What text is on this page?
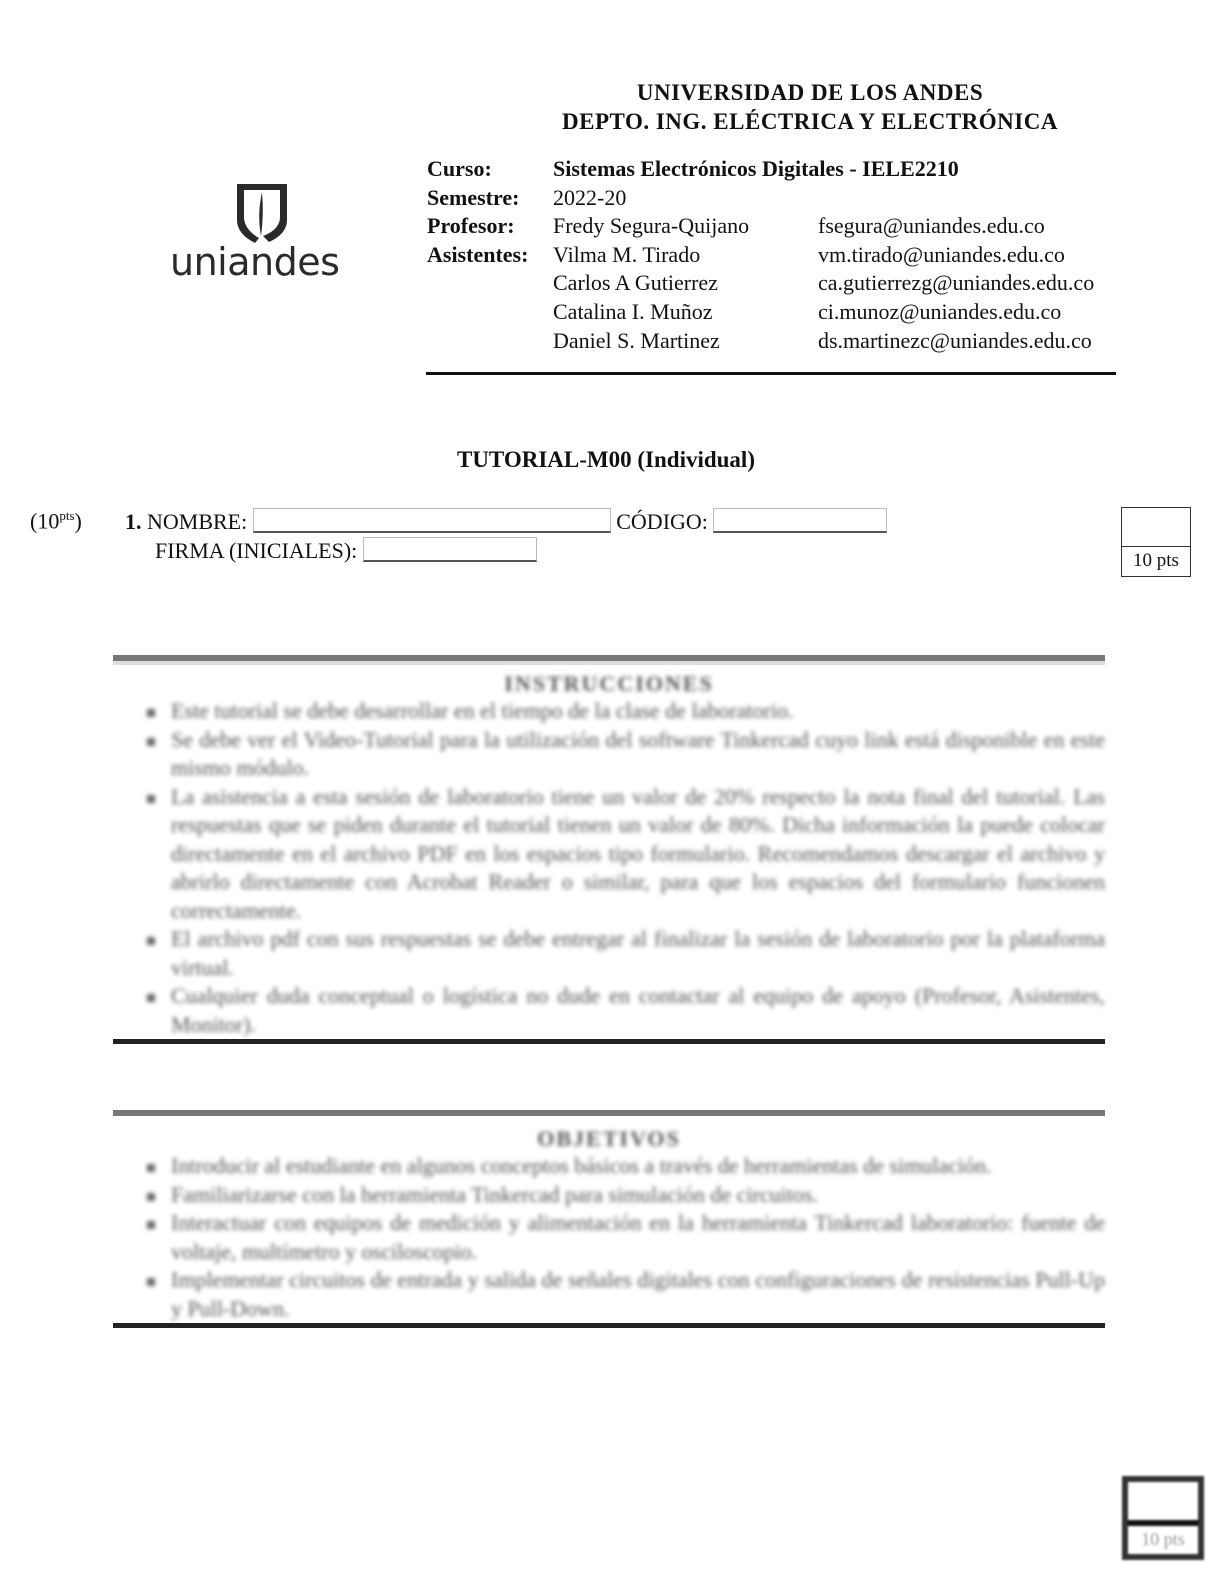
UNIVERSIDAD DE LOS ANDES
DEPTO. ING. ELÉCTRICA Y ELECTRÓNICA
uniandes
Curso:	Sistemas Electrónicos Digitales - IELE2210
Semestre:	2022-20
Profesor:	Fredy Segura-Quijano	fsegura@uniandes.edu.co
Asistentes:	Vilma M. Tirado	vm.tirado@uniandes.edu.co
Carlos A Gutierrez	ca.gutierrezg@uniandes.edu.co
Catalina I. Muñoz	ci.munoz@uniandes.edu.co
Daniel S. Martinez	ds.martinezc@uniandes.edu.co
TUTORIAL-M00 (Individual)
$(10^{pts})$ 1. NOMBRE:	CÓDIGO:
FIRMA (INICIALES):	10 pts
INSTRUCCIONES
Este tutorial se debe desarrollar en el tiempo de la clase de laboratorio.
Se debe ver el Video-Tutorial para la utilización del software Tinkercad cuyo link está disponible en este mismo módulo.
La asistencia a esta sesión de laboratorio tiene un valor de 20% respecto la nota final del tutorial. Las respuestas que se piden durante el tutorial tienen un valor de 80%. Dicha información la puede colocar directamente en el archivo PDF en los espacios tipo formulario. Recomendamos descargar el archivo y abrirlo directamente con Acrobat Reader o similar, para que los espacios del formulario funcionen correctamente.
El archivo pdf con sus respuestas se debe entregar al finalizar la sesión de laboratorio por la plataforma virtual.
Cualquier duda conceptual o logística no dude en contactar al equipo de apoyo (Profesor, Asistentes, Monitor).
OBJETIVOS
Introducir al estudiante en algunos conceptos básicos a través de herramientas de simulación.
Familiarizarse con la herramienta Tinkercad para simulación de circuitos.
Interactuar con equipos de medición y alimentación en la herramienta Tinkercad laboratorio: fuente de voltaje, multímetro y osciloscopio.
Implementar circuitos de entrada y salida de señales digitales con configuraciones de resistencias Pull-Up y Pull-Down.
10 pts
